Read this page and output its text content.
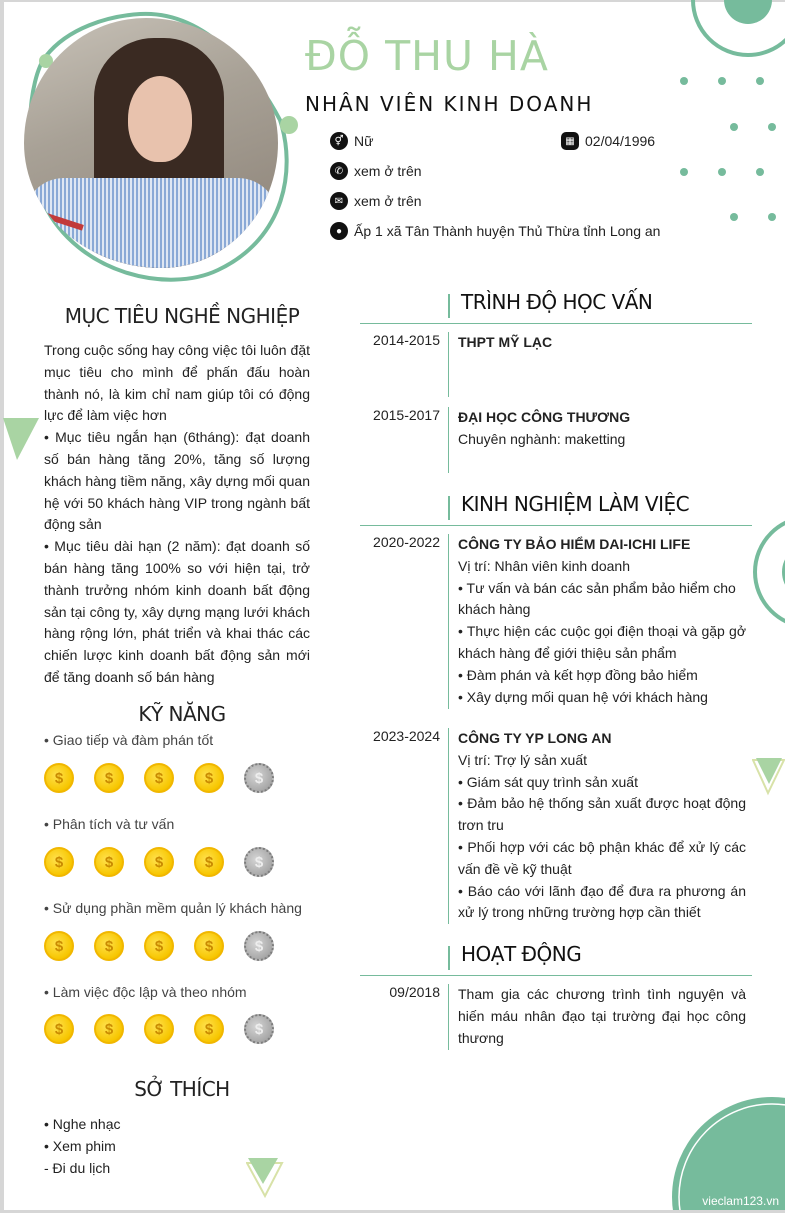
ĐỖ THU HÀ
NHÂN VIÊN KINH DOANH
⚥ Nữ	▦ 02/04/1996
✆ xem ở trên
✉ xem ở trên
● Ấp 1 xã Tân Thành huyện Thủ Thừa tỉnh Long an
MỤC TIÊU NGHỀ NGHIỆP

Trong cuộc sống hay công việc tôi luôn đặt mục tiêu cho mình để phấn đấu hoàn thành nó, là kim chỉ nam giúp tôi có động lực để làm việc hơn

• Mục tiêu ngắn hạn (6tháng): đạt doanh số bán hàng tăng 20%, tăng số lượng khách hàng tiềm năng, xây dựng mối quan hệ với 50 khách hàng VIP trong ngành bất động sản

• Mục tiêu dài hạn (2 năm): đạt doanh số bán hàng tăng 100% so với hiện tại, trở thành trưởng nhóm kinh doanh bất động sản tại công ty, xây dựng mạng lưới khách hàng rộng lớn, phát triển và khai thác các chiến lược kinh doanh bất động sản mới để tăng doanh số bán hàng

KỸ NĂNG
• Giao tiếp và đàm phán tốt
$	$	$	$	$
• Phân tích và tư vấn
$	$	$	$	$
• Sử dụng phần mềm quản lý khách hàng
$	$	$	$	$
• Làm việc độc lập và theo nhóm
$	$	$	$	$
SỞ THÍCH
• Nghe nhạc
• Xem phim
- Đi du lịch
TRÌNH ĐỘ HỌC VẤN
2014-2015 THPT MỸ LẠC

2015-2017 ĐẠI HỌC CÔNG THƯƠNG

Chuyên nghành: maketting

KINH NGHIỆM LÀM VIỆC
2020-2022 CÔNG TY BẢO HIỂM DAI-ICHI LIFE

Vị trí: Nhân viên kinh doanh

• Tư vấn và bán các sản phẩm bảo hiểm cho khách hàng

• Thực hiện các cuộc gọi điện thoại và gặp gở khách hàng để giới thiệu sản phẩm

• Đàm phán và kết hợp đồng bảo hiểm

• Xây dựng mối quan hệ với khách hàng

2023-2024 CÔNG TY YP LONG AN

Vị trí: Trợ lý sản xuất

• Giám sát quy trình sản xuất

• Đảm bảo hệ thống sản xuất được hoạt động trơn tru

• Phối hợp với các bộ phận khác để xử lý các vấn đề về kỹ thuật

• Báo cáo với lãnh đạo để đưa ra phương án xử lý trong những trường hợp cần thiết

HOẠT ĐỘNG
09/2018 Tham gia các chương trình tình nguyện và hiến máu nhân đạo tại trường đại học công thương

vieclam123.vn
